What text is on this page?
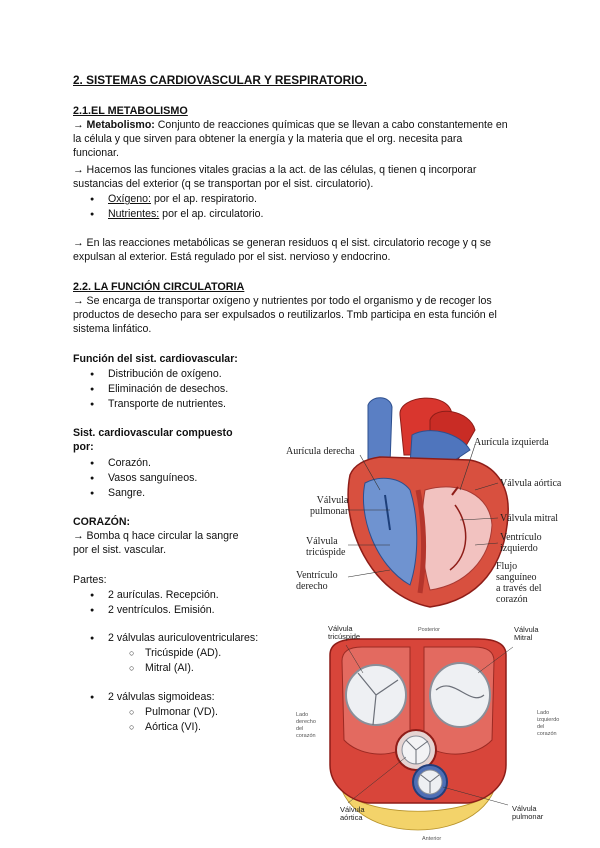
2. SISTEMAS CARDIOVASCULAR Y RESPIRATORIO.
2.1.EL METABOLISMO
→ Metabolismo: Conjunto de reacciones químicas que se llevan a cabo constantemente en
la célula y que sirven para obtener la energía y la materia que el org. necesita para
funcionar.
→ Hacemos las funciones vitales gracias a la act. de las células, q tienen q incorporar
sustancias del exterior (q se transportan por el sist. circulatorio).
● Oxígeno: por el ap. respiratorio.
● Nutrientes: por el ap. circulatorio.
→ En las reacciones metabólicas se generan residuos q el sist. circulatorio recoge y q se
expulsan al exterior. Está regulado por el sist. nervioso y endocrino.
2.2. LA FUNCIÓN CIRCULATORIA
→ Se encarga de transportar oxígeno y nutrientes por todo el organismo y de recoger los
productos de desecho para ser expulsados o reutilizarlos. Tmb participa en esta función el
sistema linfático.
Función del sist. cardiovascular:
● Distribución de oxígeno.
● Eliminación de desechos.
● Transporte de nutrientes.
Sist. cardiovascular compuesto
por:
● Corazón.
● Vasos sanguíneos.
● Sangre.
CORAZÓN:
→ Bomba q hace circular la sangre
por el sist. vascular.
Partes:
● 2 aurículas. Recepción.
● 2 ventrículos. Emisión.
● 2 válvulas auriculoventriculares:
○ Tricúspide (AD).
○ Mitral (AI).
● 2 válvulas sigmoideas:
○ Pulmonar (VD).
○ Aórtica (VI).
Aurícula derecha
Aurícula izquierda
Válvula aórtica
Válvula
pulmonar
Válvula mitral
Válvula
tricúspide
Ventrículo
izquierdo
Flujo
sanguíneo
a través del
corazón
Ventrículo
derecho
Válvula
tricúspide
Posterior	Válvula
Mitral
Lado
derecho
del
corazón
Lado
izquierdo
del
corazón
Válvula
aórtica
Anterior
Válvula
pulmonar
